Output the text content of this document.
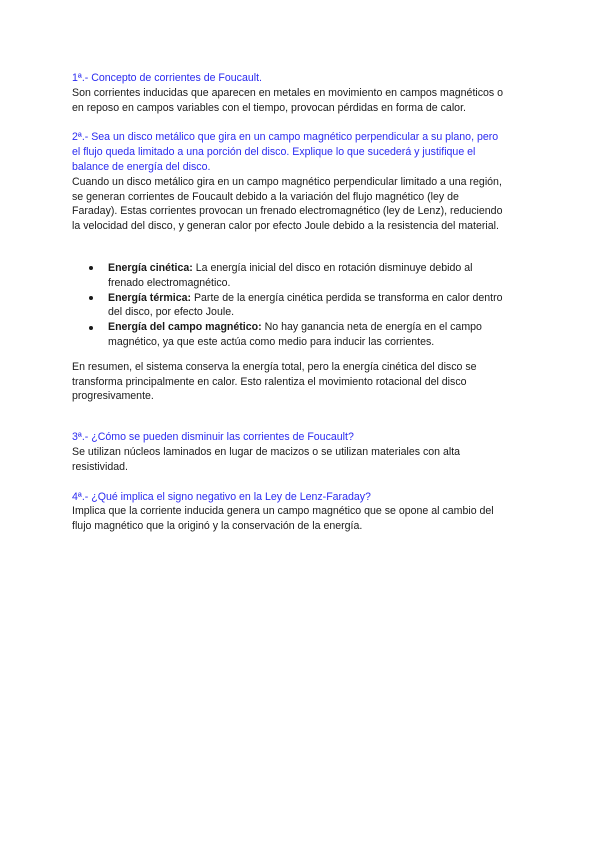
1ª.- Concepto de corrientes de Foucault.
Son corrientes inducidas que aparecen en metales en movimiento en campos magnéticos o
en reposo en campos variables con el tiempo, provocan pérdidas en forma de calor.
2ª.- Sea un disco metálico que gira en un campo magnético perpendicular a su plano, pero
el flujo queda limitado a una porción del disco. Explique lo que sucederá y justifique el
balance de energía del disco.
Cuando un disco metálico gira en un campo magnético perpendicular limitado a una región,
se generan corrientes de Foucault debido a la variación del flujo magnético (ley de
Faraday). Estas corrientes provocan un frenado electromagnético (ley de Lenz), reduciendo
la velocidad del disco, y generan calor por efecto Joule debido a la resistencia del material.
Energía cinética: La energía inicial del disco en rotación disminuye debido al
frenado electromagnético.
Energía térmica: Parte de la energía cinética perdida se transforma en calor dentro
del disco, por efecto Joule.
Energía del campo magnético: No hay ganancia neta de energía en el campo
magnético, ya que este actúa como medio para inducir las corrientes.
En resumen, el sistema conserva la energía total, pero la energía cinética del disco se
transforma principalmente en calor. Esto ralentiza el movimiento rotacional del disco
progresivamente.
3ª.- ¿Cómo se pueden disminuir las corrientes de Foucault?
Se utilizan núcleos laminados en lugar de macizos o se utilizan materiales con alta
resistividad.
4ª.- ¿Qué implica el signo negativo en la Ley de Lenz-Faraday?
Implica que la corriente inducida genera un campo magnético que se opone al cambio del
flujo magnético que la originó y la conservación de la energía.
